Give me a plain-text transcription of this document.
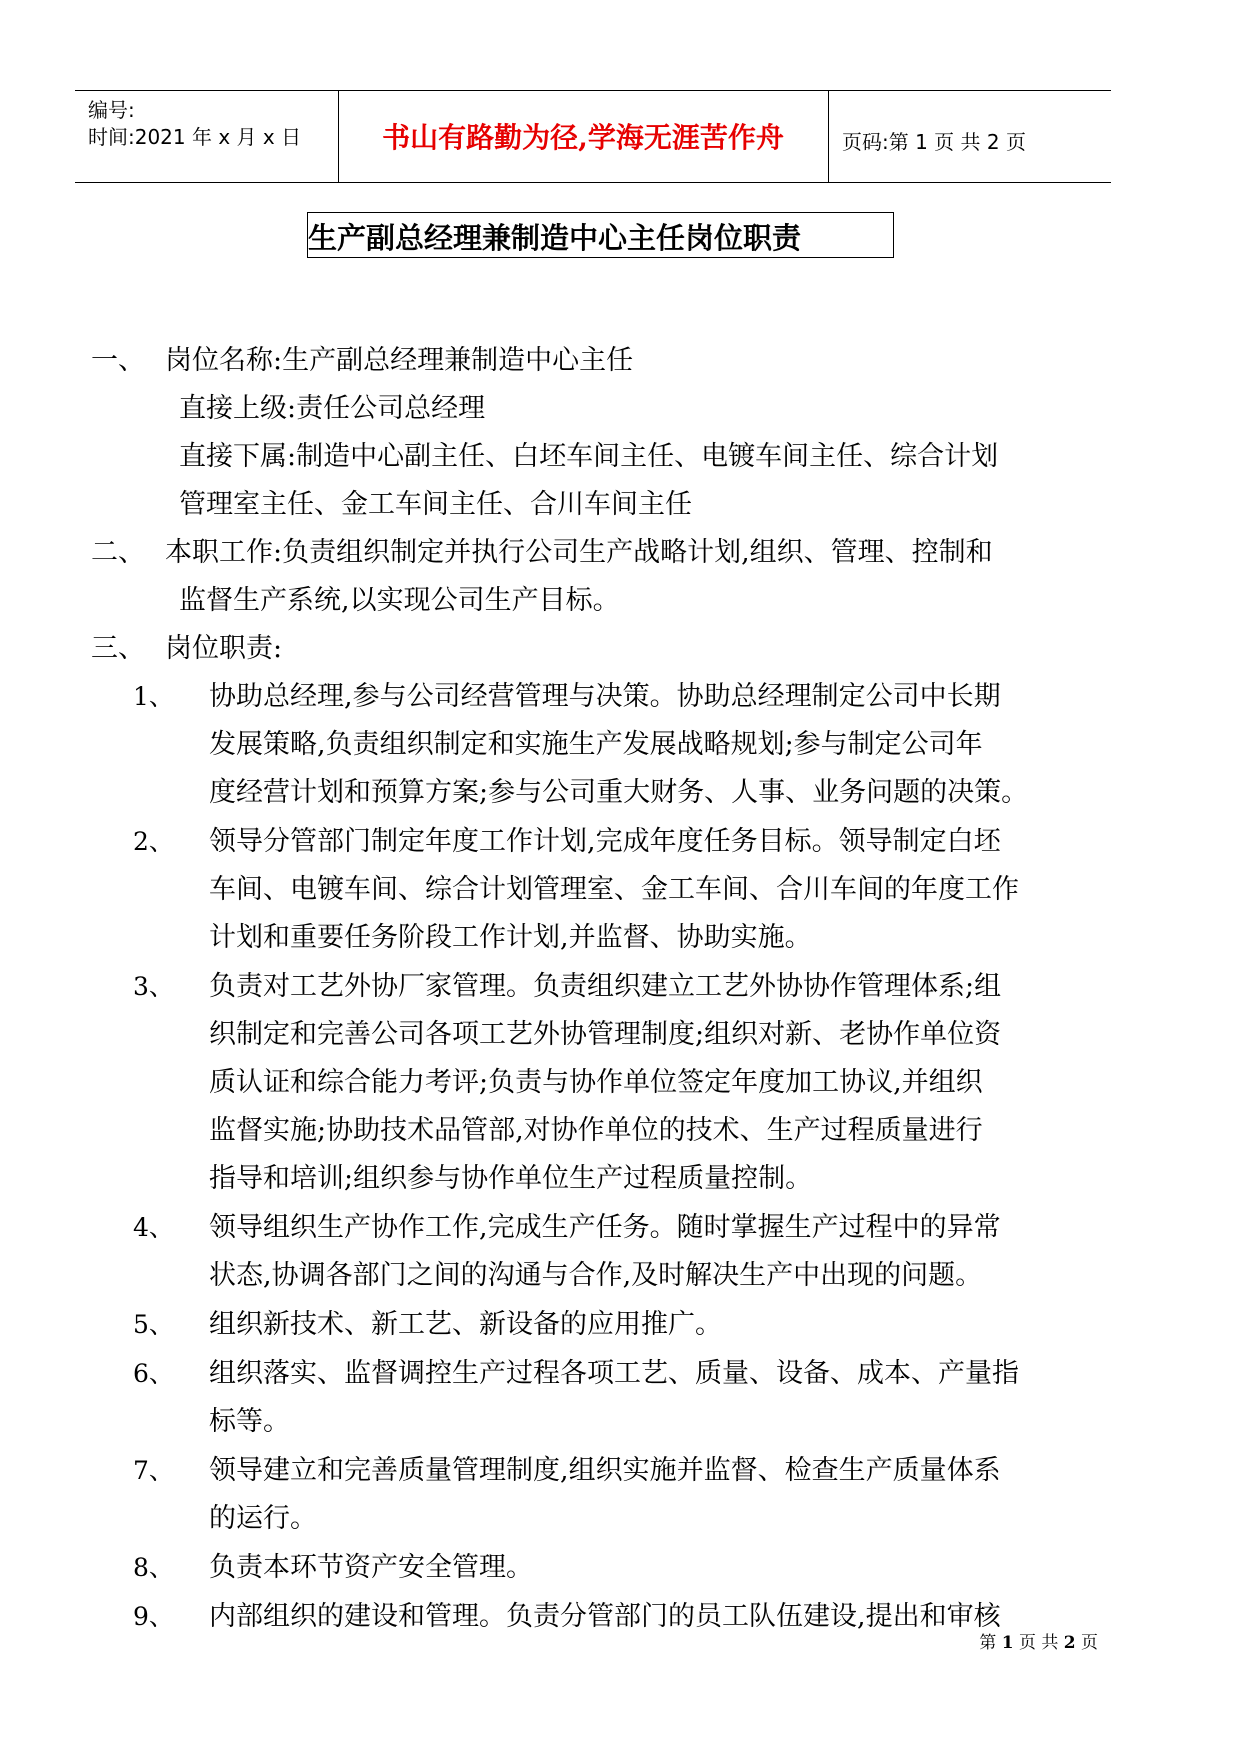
编号:
时间:2021 年 x 月 x 日	书山有路勤为径,学海无涯苦作舟	页码:第 1 页 共 2 页
生产副总经理兼制造中心主任岗位职责
一、 岗位名称:生产副总经理兼制造中心主任
直接上级:责任公司总经理
直接下属:制造中心副主任、白坯车间主任、电镀车间主任、综合计划
管理室主任、金工车间主任、合川车间主任
二、 本职工作:负责组织制定并执行公司生产战略计划,组织、管理、控制和
监督生产系统,以实现公司生产目标。
三、 岗位职责:
1、 协助总经理,参与公司经营管理与决策。协助总经理制定公司中长期
发展策略,负责组织制定和实施生产发展战略规划;参与制定公司年
度经营计划和预算方案;参与公司重大财务、人事、业务问题的决策。
2、 领导分管部门制定年度工作计划,完成年度任务目标。领导制定白坯
车间、电镀车间、综合计划管理室、金工车间、合川车间的年度工作
计划和重要任务阶段工作计划,并监督、协助实施。
3、 负责对工艺外协厂家管理。负责组织建立工艺外协协作管理体系;组
织制定和完善公司各项工艺外协管理制度;组织对新、老协作单位资
质认证和综合能力考评;负责与协作单位签定年度加工协议,并组织
监督实施;协助技术品管部,对协作单位的技术、生产过程质量进行
指导和培训;组织参与协作单位生产过程质量控制。
4、 领导组织生产协作工作,完成生产任务。随时掌握生产过程中的异常
状态,协调各部门之间的沟通与合作,及时解决生产中出现的问题。
5、 组织新技术、新工艺、新设备的应用推广。
6、 组织落实、监督调控生产过程各项工艺、质量、设备、成本、产量指
标等。
7、 领导建立和完善质量管理制度,组织实施并监督、检查生产质量体系
的运行。
8、 负责本环节资产安全管理。
9、 内部组织的建设和管理。负责分管部门的员工队伍建设,提出和审核
第 1 页 共 2 页
